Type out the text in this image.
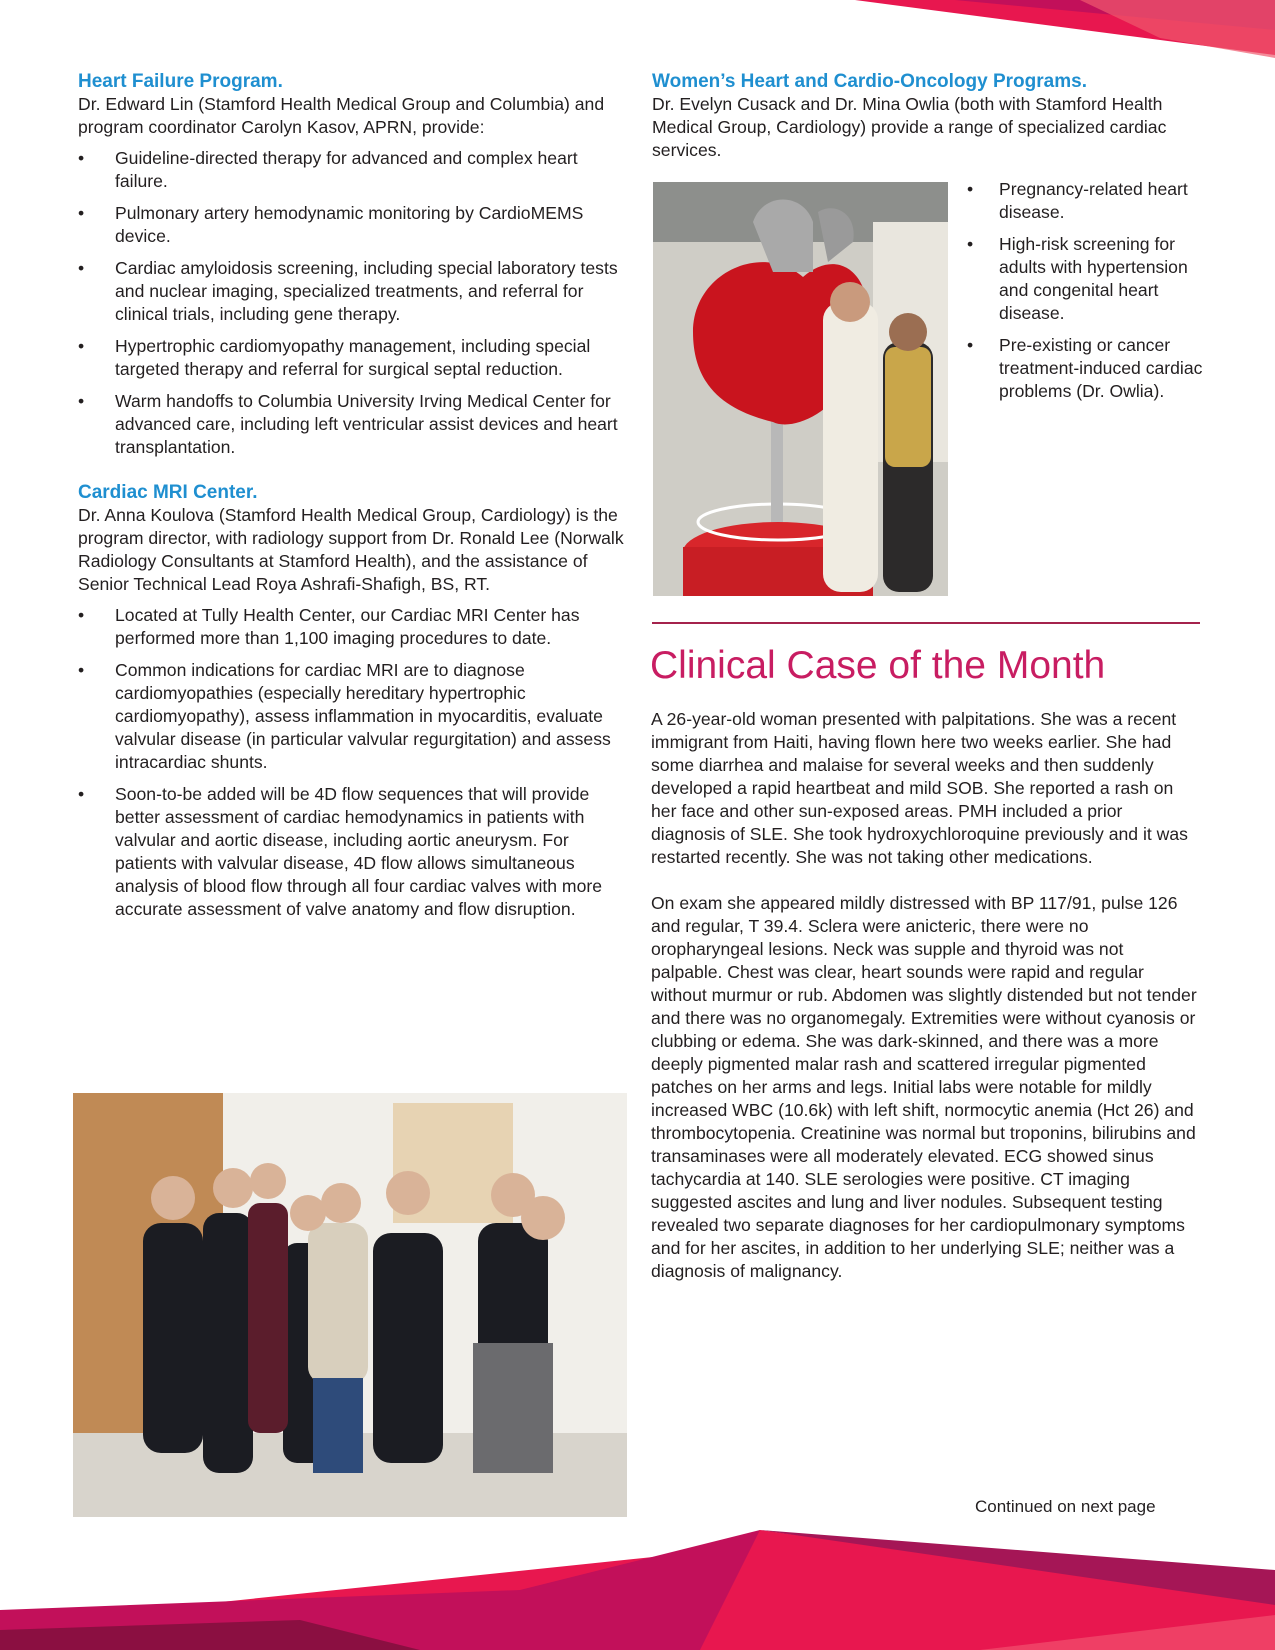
Heart Failure Program.

Dr. Edward Lin (Stamford Health Medical Group and Columbia) and program coordinator Carolyn Kasov, APRN, provide:

• Guideline-directed therapy for advanced and complex heart failure.
• Pulmonary artery hemodynamic monitoring by CardioMEMS device.
• Cardiac amyloidosis screening, including special laboratory tests and nuclear imaging, specialized treatments, and referral for clinical trials, including gene therapy.
• Hypertrophic cardiomyopathy management, including special targeted therapy and referral for surgical septal reduction.
• Warm handoffs to Columbia University Irving Medical Center for advanced care, including left ventricular assist devices and heart transplantation.
Cardiac MRI Center.

Dr. Anna Koulova (Stamford Health Medical Group, Cardiology) is the program director, with radiology support from Dr. Ronald Lee (Norwalk Radiology Consultants at Stamford Health), and the assistance of Senior Technical Lead Roya Ashrafi-Shafigh, BS, RT.

• Located at Tully Health Center, our Cardiac MRI Center has performed more than 1,100 imaging procedures to date.
• Common indications for cardiac MRI are to diagnose cardiomyopathies (especially hereditary hypertrophic cardiomyopathy), assess inflammation in myocarditis, evaluate valvular disease (in particular valvular regurgitation) and assess intracardiac shunts.
• Soon-to-be added will be 4D flow sequences that will provide better assessment of cardiac hemodynamics in patients with valvular and aortic disease, including aortic aneurysm. For patients with valvular disease, 4D flow allows simultaneous analysis of blood flow through all four cardiac valves with more accurate assessment of valve anatomy and flow disruption.
Women’s Heart and Cardio-Oncology Programs.

Dr. Evelyn Cusack and Dr. Mina Owlia (both with Stamford Health Medical Group, Cardiology) provide a range of specialized cardiac services.

• Pregnancy-related heart disease.
• High-risk screening for adults with hypertension and congenital heart disease.
• Pre-existing or cancer treatment-induced cardiac problems (Dr. Owlia).
Clinical Case of the Month

A 26-year-old woman presented with palpitations. She was a recent immigrant from Haiti, having flown here two weeks earlier. She had some diarrhea and malaise for several weeks and then suddenly developed a rapid heartbeat and mild SOB. She reported a rash on her face and other sun-exposed areas. PMH included a prior diagnosis of SLE. She took hydroxychloroquine previously and it was restarted recently. She was not taking other medications.

On exam she appeared mildly distressed with BP 117/91, pulse 126 and regular, T 39.4. Sclera were anicteric, there were no oropharyngeal lesions. Neck was supple and thyroid was not palpable. Chest was clear, heart sounds were rapid and regular without murmur or rub. Abdomen was slightly distended but not tender and there was no organomegaly. Extremities were without cyanosis or clubbing or edema. She was dark-skinned, and there was a more deeply pigmented malar rash and scattered irregular pigmented patches on her arms and legs. Initial labs were notable for mildly increased WBC (10.6k) with left shift, normocytic anemia (Hct 26) and thrombocytopenia. Creatinine was normal but troponins, bilirubins and transaminases were all moderately elevated. ECG showed sinus tachycardia at 140. SLE serologies were positive. CT imaging suggested ascites and lung and liver nodules. Subsequent testing revealed two separate diagnoses for her cardiopulmonary symptoms and for her ascites, in addition to her underlying SLE; neither was a diagnosis of malignancy.

Continued on next page
